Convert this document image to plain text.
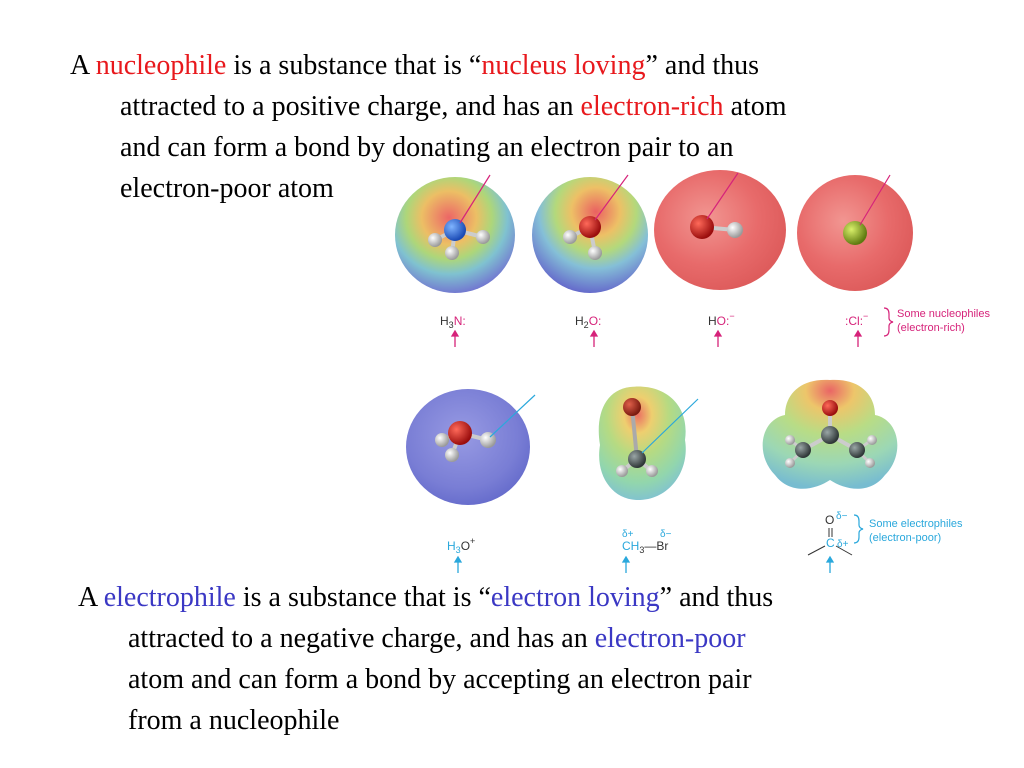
A nucleophile is a substance that is “nucleus loving” and thus
attracted to a positive charge, and has an electron-rich atom
and can form a bond by donating an electron pair to an
electron-poor atom
A electrophile is a substance that is “electron loving” and thus
attracted to a negative charge, and has an electron-poor
atom and can form a bond by accepting an electron pair
from a nucleophile
$H_3N$:	$H_2O$:	HO:−	:Cl:−	Some nucleophiles
(electron-rich)
$H_3O^+$
δ+	δ−
$CH_3—Br$
O δ−
C δ+
Some electrophiles
(electron-poor)
